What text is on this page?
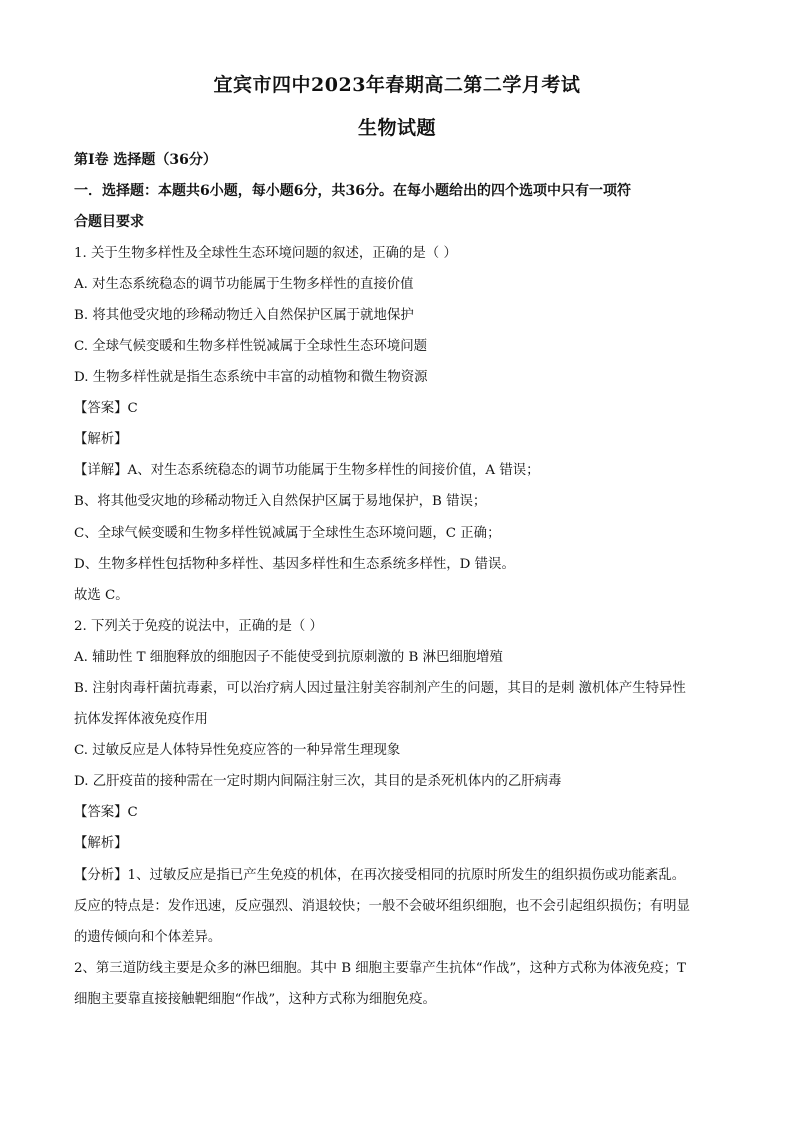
宜宾市四中2023年春期高二第二学月考试
生物试题
第Ⅰ卷 选择题（36分）
一．选择题：本题共6小题，每小题6分，共36分。在每小题给出的四个选项中只有一项符
合题目要求
1. 关于生物多样性及全球性生态环境问题的叙述，正确的是（ ）
A. 对生态系统稳态的调节功能属于生物多样性的直接价值
B. 将其他受灾地的珍稀动物迁入自然保护区属于就地保护
C. 全球气候变暖和生物多样性锐减属于全球性生态环境问题
D. 生物多样性就是指生态系统中丰富的动植物和微生物资源
【答案】C
【解析】
【详解】A、对生态系统稳态的调节功能属于生物多样性的间接价值，A 错误；
B、将其他受灾地的珍稀动物迁入自然保护区属于易地保护，B 错误；
C、全球气候变暖和生物多样性锐减属于全球性生态环境问题，C 正确；
D、生物多样性包括物种多样性、基因多样性和生态系统多样性，D 错误。
故选 C。
2. 下列关于免疫的说法中，正确的是（ ）
A. 辅助性 T 细胞释放的细胞因子不能使受到抗原刺激的 B 淋巴细胞增殖
B. 注射肉毒杆菌抗毒素，可以治疗病人因过量注射美容制剂产生的问题，其目的是刺 激机体产生特异性
抗体发挥体液免疫作用
C. 过敏反应是人体特异性免疫应答的一种异常生理现象
D. 乙肝疫苗的接种需在一定时期内间隔注射三次，其目的是杀死机体内的乙肝病毒
【答案】C
【解析】
【分析】1、过敏反应是指已产生免疫的机体，在再次接受相同的抗原时所发生的组织损伤或功能紊乱。
反应的特点是：发作迅速，反应强烈、消退较快；一般不会破坏组织细胞，也不会引起组织损伤；有明显
的遗传倾向和个体差异。
2、第三道防线主要是众多的淋巴细胞。其中 B 细胞主要靠产生抗体“作战”，这种方式称为体液免疫；T
细胞主要靠直接接触靶细胞“作战”，这种方式称为细胞免疫。
